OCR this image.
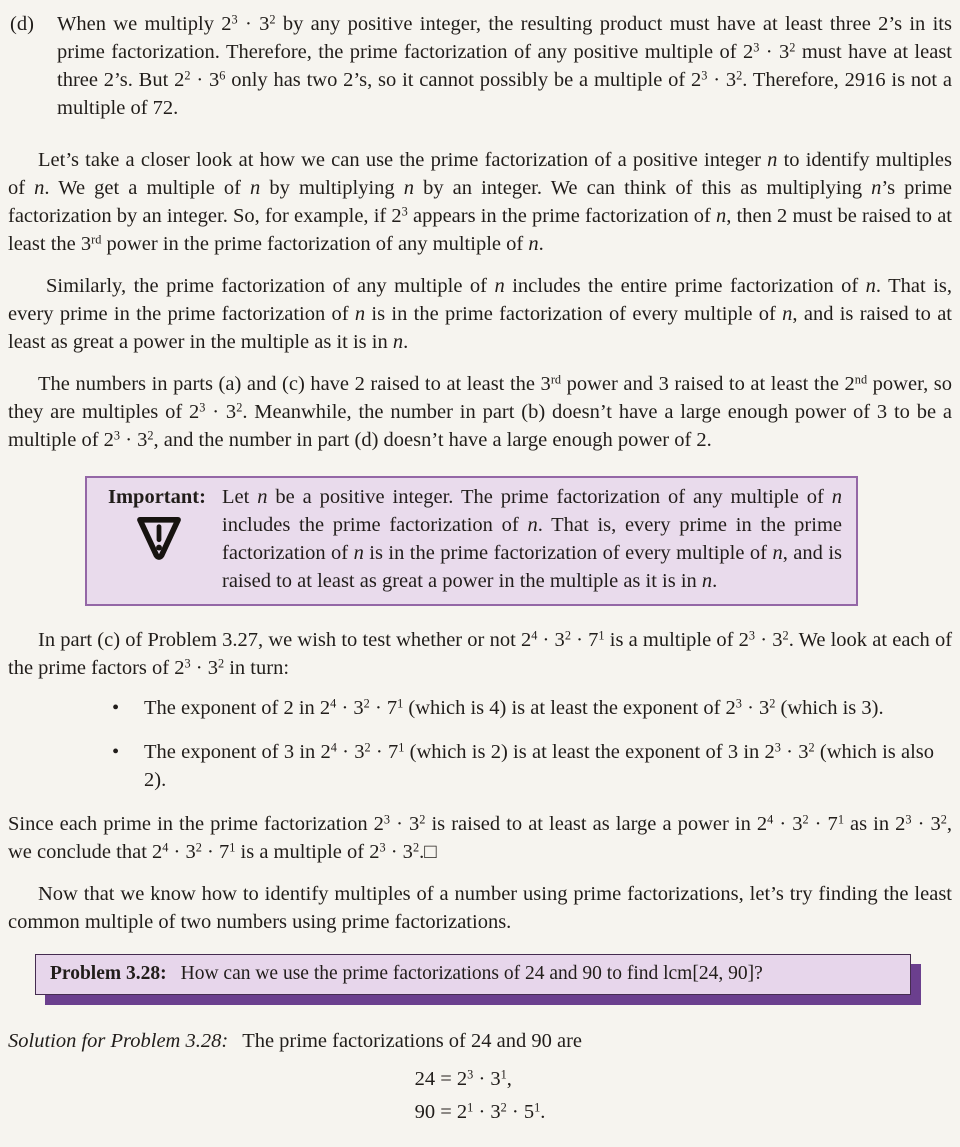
(d) When we multiply $2^3 \cdot 3^2$ by any positive integer, the resulting product must have at least three 2’s in its prime factorization. Therefore, the prime factorization of any positive multiple of $2^3 \cdot 3^2$ must have at least three 2’s. But $2^2 \cdot 3^6$ only has two 2’s, so it cannot possibly be a multiple of $2^3 \cdot 3^2$. Therefore, 2916 is not a multiple of 72.
Let’s take a closer look at how we can use the prime factorization of a positive integer n to identify multiples of n. We get a multiple of n by multiplying n by an integer. We can think of this as multiplying n’s prime factorization by an integer. So, for example, if $2^3$ appears in the prime factorization of n, then 2 must be raised to at least the 3rd power in the prime factorization of any multiple of n.
Similarly, the prime factorization of any multiple of n includes the entire prime factorization of n. That is, every prime in the prime factorization of n is in the prime factorization of every multiple of n, and is raised to at least as great a power in the multiple as it is in n.
The numbers in parts (a) and (c) have 2 raised to at least the 3rd power and 3 raised to at least the 2nd power, so they are multiples of $2^3 \cdot 3^2$. Meanwhile, the number in part (b) doesn’t have a large enough power of 3 to be a multiple of $2^3 \cdot 3^2$, and the number in part (d) doesn’t have a large enough power of 2.
Important: Let n be a positive integer. The prime factorization of any multiple of n includes the prime factorization of n. That is, every prime in the prime factorization of n is in the prime factorization of every multiple of n, and is raised to at least as great a power in the multiple as it is in n.
In part (c) of Problem 3.27, we wish to test whether or not $2^4 \cdot 3^2 \cdot 7^1$ is a multiple of $2^3 \cdot 3^2$. We look at each of the prime factors of $2^3 \cdot 3^2$ in turn:
•	The exponent of 2 in $2^4 \cdot 3^2 \cdot 7^1$ (which is 4) is at least the exponent of $2^3 \cdot 3^2$ (which is 3).
•	The exponent of 3 in $2^4 \cdot 3^2 \cdot 7^1$ (which is 2) is at least the exponent of 3 in $2^3 \cdot 3^2$ (which is also 2).
Since each prime in the prime factorization $2^3 \cdot 3^2$ is raised to at least as large a power in $2^4 \cdot 3^2 \cdot 7^1$ as in $2^3 \cdot 3^2$, we conclude that $2^4 \cdot 3^2 \cdot 7^1$ is a multiple of $2^3$ · $3^2.□$
Now that we know how to identify multiples of a number using prime factorizations, let’s try finding the least common multiple of two numbers using prime factorizations.
Problem 3.28: How can we use the prime factorizations of 24 and 90 to find lcm[24, 90]?
Solution for Problem 3.28: The prime factorizations of 24 and 90 are
$24 = 2^3 \cdot 3^1$,
$90 = 2^1 \cdot 3^2 \cdot 5^1$.
